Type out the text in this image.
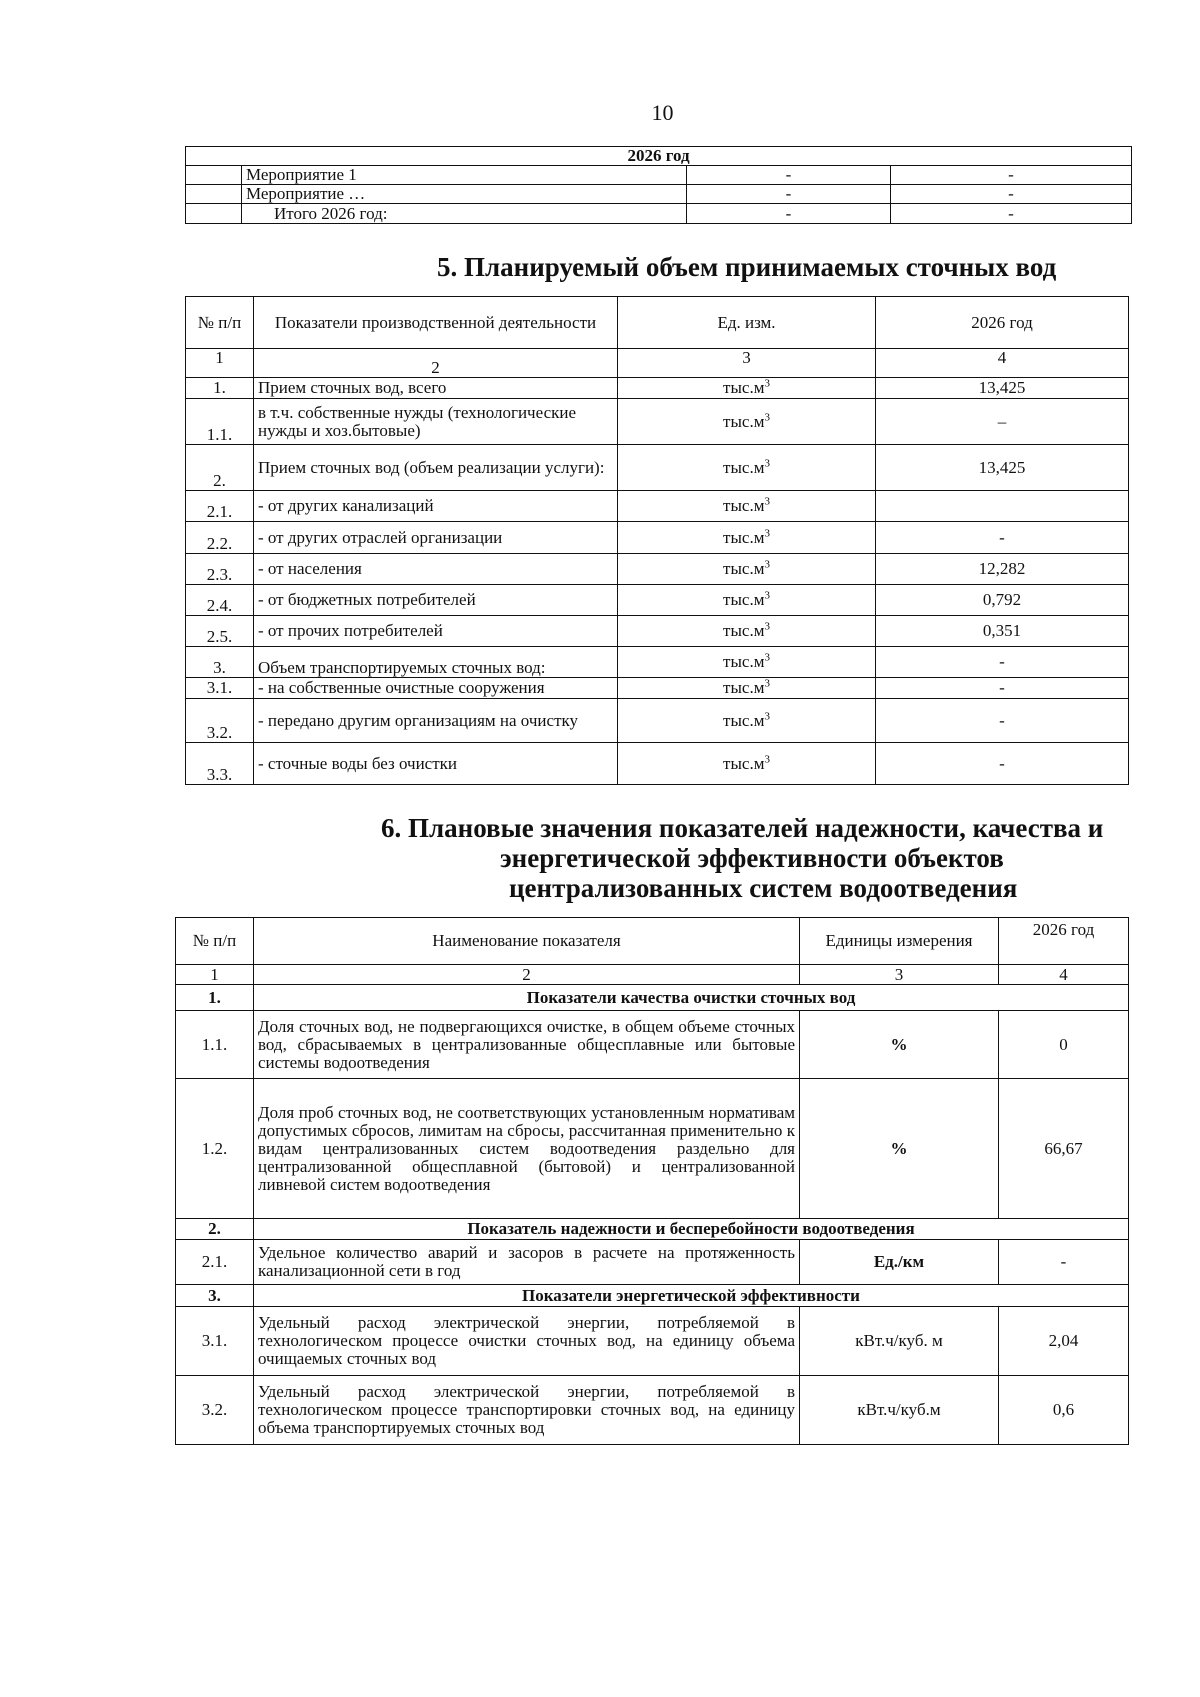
10
2026 год			
	Мероприятие 1	-	-
	Мероприятие …	-	-
	Итого 2026 год:	-	-
5. Планируемый объем принимаемых сточных вод
№ п/п	Показатели производственной деятельности	Ед. изм.	2026 год
1	2	3	4
1.	Прием сточных вод, всего	$тыс.м^3$	13,425
1.1.	в т.ч. собственные нужды (технологические нужды и хоз.бытовые)	$тыс.м^3$	–
2.	Прием сточных вод (объем реализации услуги):	$тыс.м^3$	13,425
2.1.	- от других канализаций	$тыс.м^3$	
2.2.	- от других отраслей организации	$тыс.м^3$	-
2.3.	- от населения	$тыс.м^3$	12,282
2.4.	- от бюджетных потребителей	$тыс.м^3$	0,792
2.5.	- от прочих потребителей	$тыс.м^3$	0,351
3.	Объем транспортируемых сточных вод:	$тыс.м^3$	-
3.1.	- на собственные очистные сооружения	$тыс.м^3$	-
3.2.	- передано другим организациям на очистку	$тыс.м^3$	-
3.3.	- сточные воды без очистки	$тыс.м^3$	-
6. Плановые значения показателей надежности, качества и
энергетической эффективности объектов
централизованных систем водоотведения
№ п/п	Наименование показателя	Единицы измерения	2026 год
1	2	3	4
1.	Показатели качества очистки сточных вод		
1.1.	Доля сточных вод, не подвергающихся очистке, в общем объеме сточных вод, сбрасываемых в централизованные общесплавные или бытовые системы водоотведения	%	0
1.2.	Доля проб сточных вод, не соответствующих установленным нормативам допустимых сбросов, лимитам на сбросы, рассчитанная применительно к видам централизованных систем водоотведения раздельно для централизованной общесплавной (бытовой) и централизованной ливневой систем водоотведения	%	66,67
2.	Показатель надежности и бесперебойности водоотведения		
2.1.	Удельное количество аварий и засоров в расчете на протяженность канализационной сети в год	Ед./км	-
3.	Показатели энергетической эффективности		
3.1.	Удельный расход электрической энергии, потребляемой в технологическом процессе очистки сточных вод, на единицу объема очищаемых сточных вод	кВт.ч/куб. м	2,04
3.2.	Удельный расход электрической энергии, потребляемой в технологическом процессе транспортировки сточных вод, на единицу объема транспортируемых сточных вод	кВт.ч/куб.м	0,6
